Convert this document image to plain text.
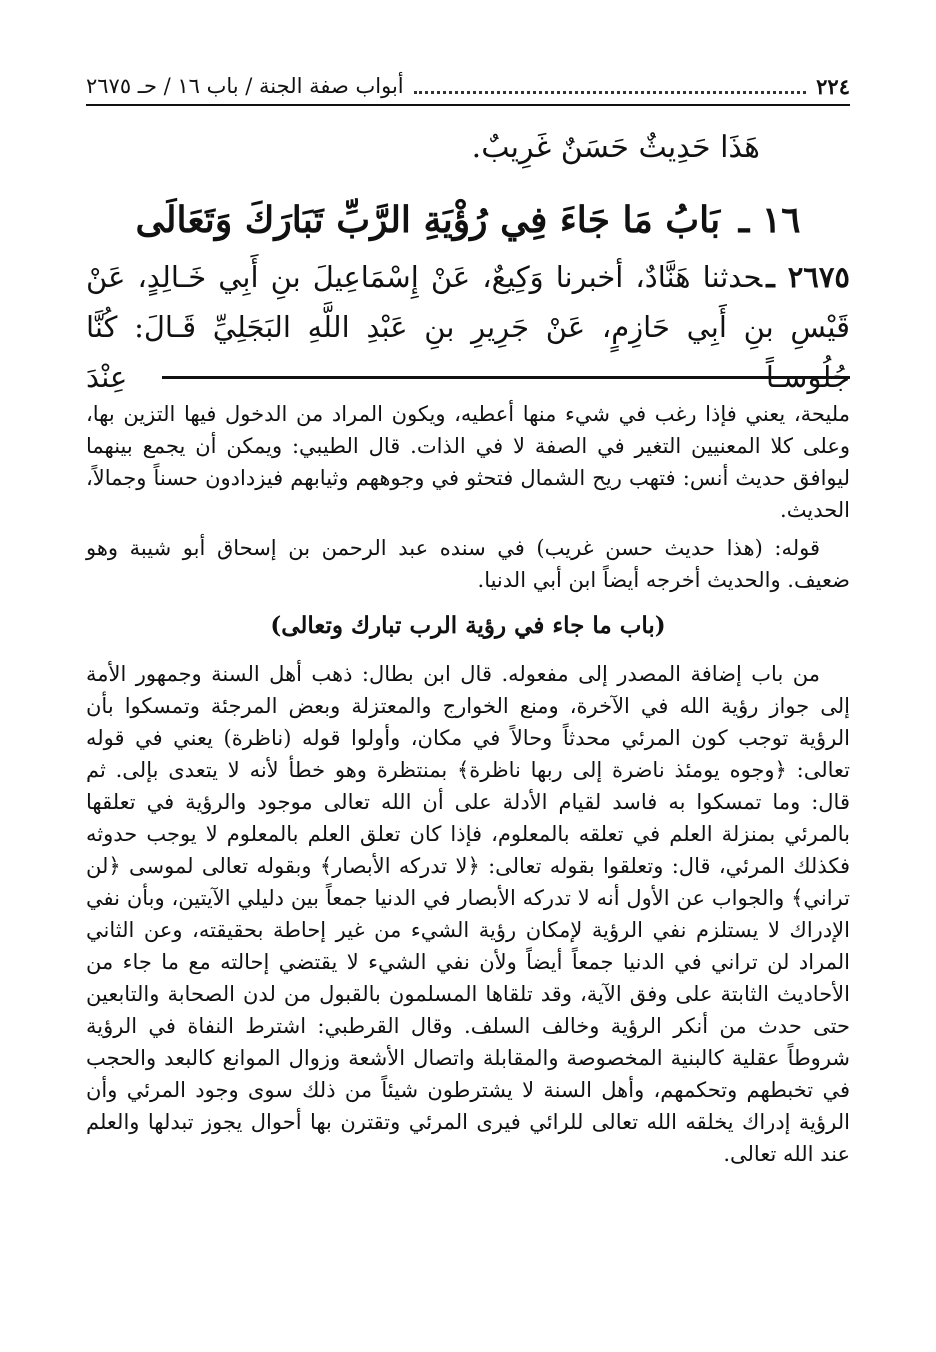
٢٢٤
أبواب صفة الجنة / باب ١٦ / حـ ٢٦٧٥

هَذَا حَدِيثٌ حَسَنٌ غَرِيبٌ.

١٦ ـ بَابُ مَا جَاءَ فِي رُؤْيَةِ الرَّبِّ تَبَارَكَ وَتَعَالَى

٢٦٧٥ ـحدثنا هَنَّادٌ، أخبرنا وَكِيعٌ، عَنْ إِسْمَاعِيلَ بنِ أَبِي خَـالِدٍ، عَنْ

قَيْسِ بنِ أَبِي حَازِمٍ، عَنْ جَرِيرِ بنِ عَبْدِ اللَّهِ البَجَلِيِّ قَـالَ: كُنَّا جُلُوسـاً عِنْدَ

مليحة، يعني فإذا رغب في شيء منها أعطيه، ويكون المراد من الدخول فيها التزين بها، وعلى كلا المعنيين التغير في الصفة لا في الذات. قال الطيبي: ويمكن أن يجمع بينهما ليوافق حديث أنس: فتهب ريح الشمال فتحثو في وجوههم وثيابهم فيزدادون حسناً وجمالاً، الحديث.

قوله: (هذا حديث حسن غريب) في سنده عبد الرحمن بن إسحاق أبو شيبة وهو ضعيف. والحديث أخرجه أيضاً ابن أبي الدنيا.

(باب ما جاء في رؤية الرب تبارك وتعالى)

من باب إضافة المصدر إلى مفعوله. قال ابن بطال: ذهب أهل السنة وجمهور الأمة إلى جواز رؤية الله في الآخرة، ومنع الخوارج والمعتزلة وبعض المرجئة وتمسكوا بأن الرؤية توجب كون المرئي محدثاً وحالاً في مكان، وأولوا قوله (ناظرة) يعني في قوله تعالى: ﴿وجوه يومئذ ناضرة إلى ربها ناظرة﴾ بمنتظرة وهو خطأ لأنه لا يتعدى بإلى. ثم قال: وما تمسكوا به فاسد لقيام الأدلة على أن الله تعالى موجود والرؤية في تعلقها بالمرئي بمنزلة العلم في تعلقه بالمعلوم، فإذا كان تعلق العلم بالمعلوم لا يوجب حدوثه فكذلك المرئي، قال: وتعلقوا بقوله تعالى: ﴿لا تدركه الأبصار﴾ وبقوله تعالى لموسى ﴿لن تراني﴾ والجواب عن الأول أنه لا تدركه الأبصار في الدنيا جمعاً بين دليلي الآيتين، وبأن نفي الإدراك لا يستلزم نفي الرؤية لإمكان رؤية الشيء من غير إحاطة بحقيقته، وعن الثاني المراد لن تراني في الدنيا جمعاً أيضاً ولأن نفي الشيء لا يقتضي إحالته مع ما جاء من الأحاديث الثابتة على وفق الآية، وقد تلقاها المسلمون بالقبول من لدن الصحابة والتابعين حتى حدث من أنكر الرؤية وخالف السلف. وقال القرطبي: اشترط النفاة في الرؤية شروطاً عقلية كالبنية المخصوصة والمقابلة واتصال الأشعة وزوال الموانع كالبعد والحجب في تخبطهم وتحكمهم، وأهل السنة لا يشترطون شيئاً من ذلك سوى وجود المرئي وأن الرؤية إدراك يخلقه الله تعالى للرائي فيرى المرئي وتقترن بها أحوال يجوز تبدلها والعلم عند الله تعالى.
